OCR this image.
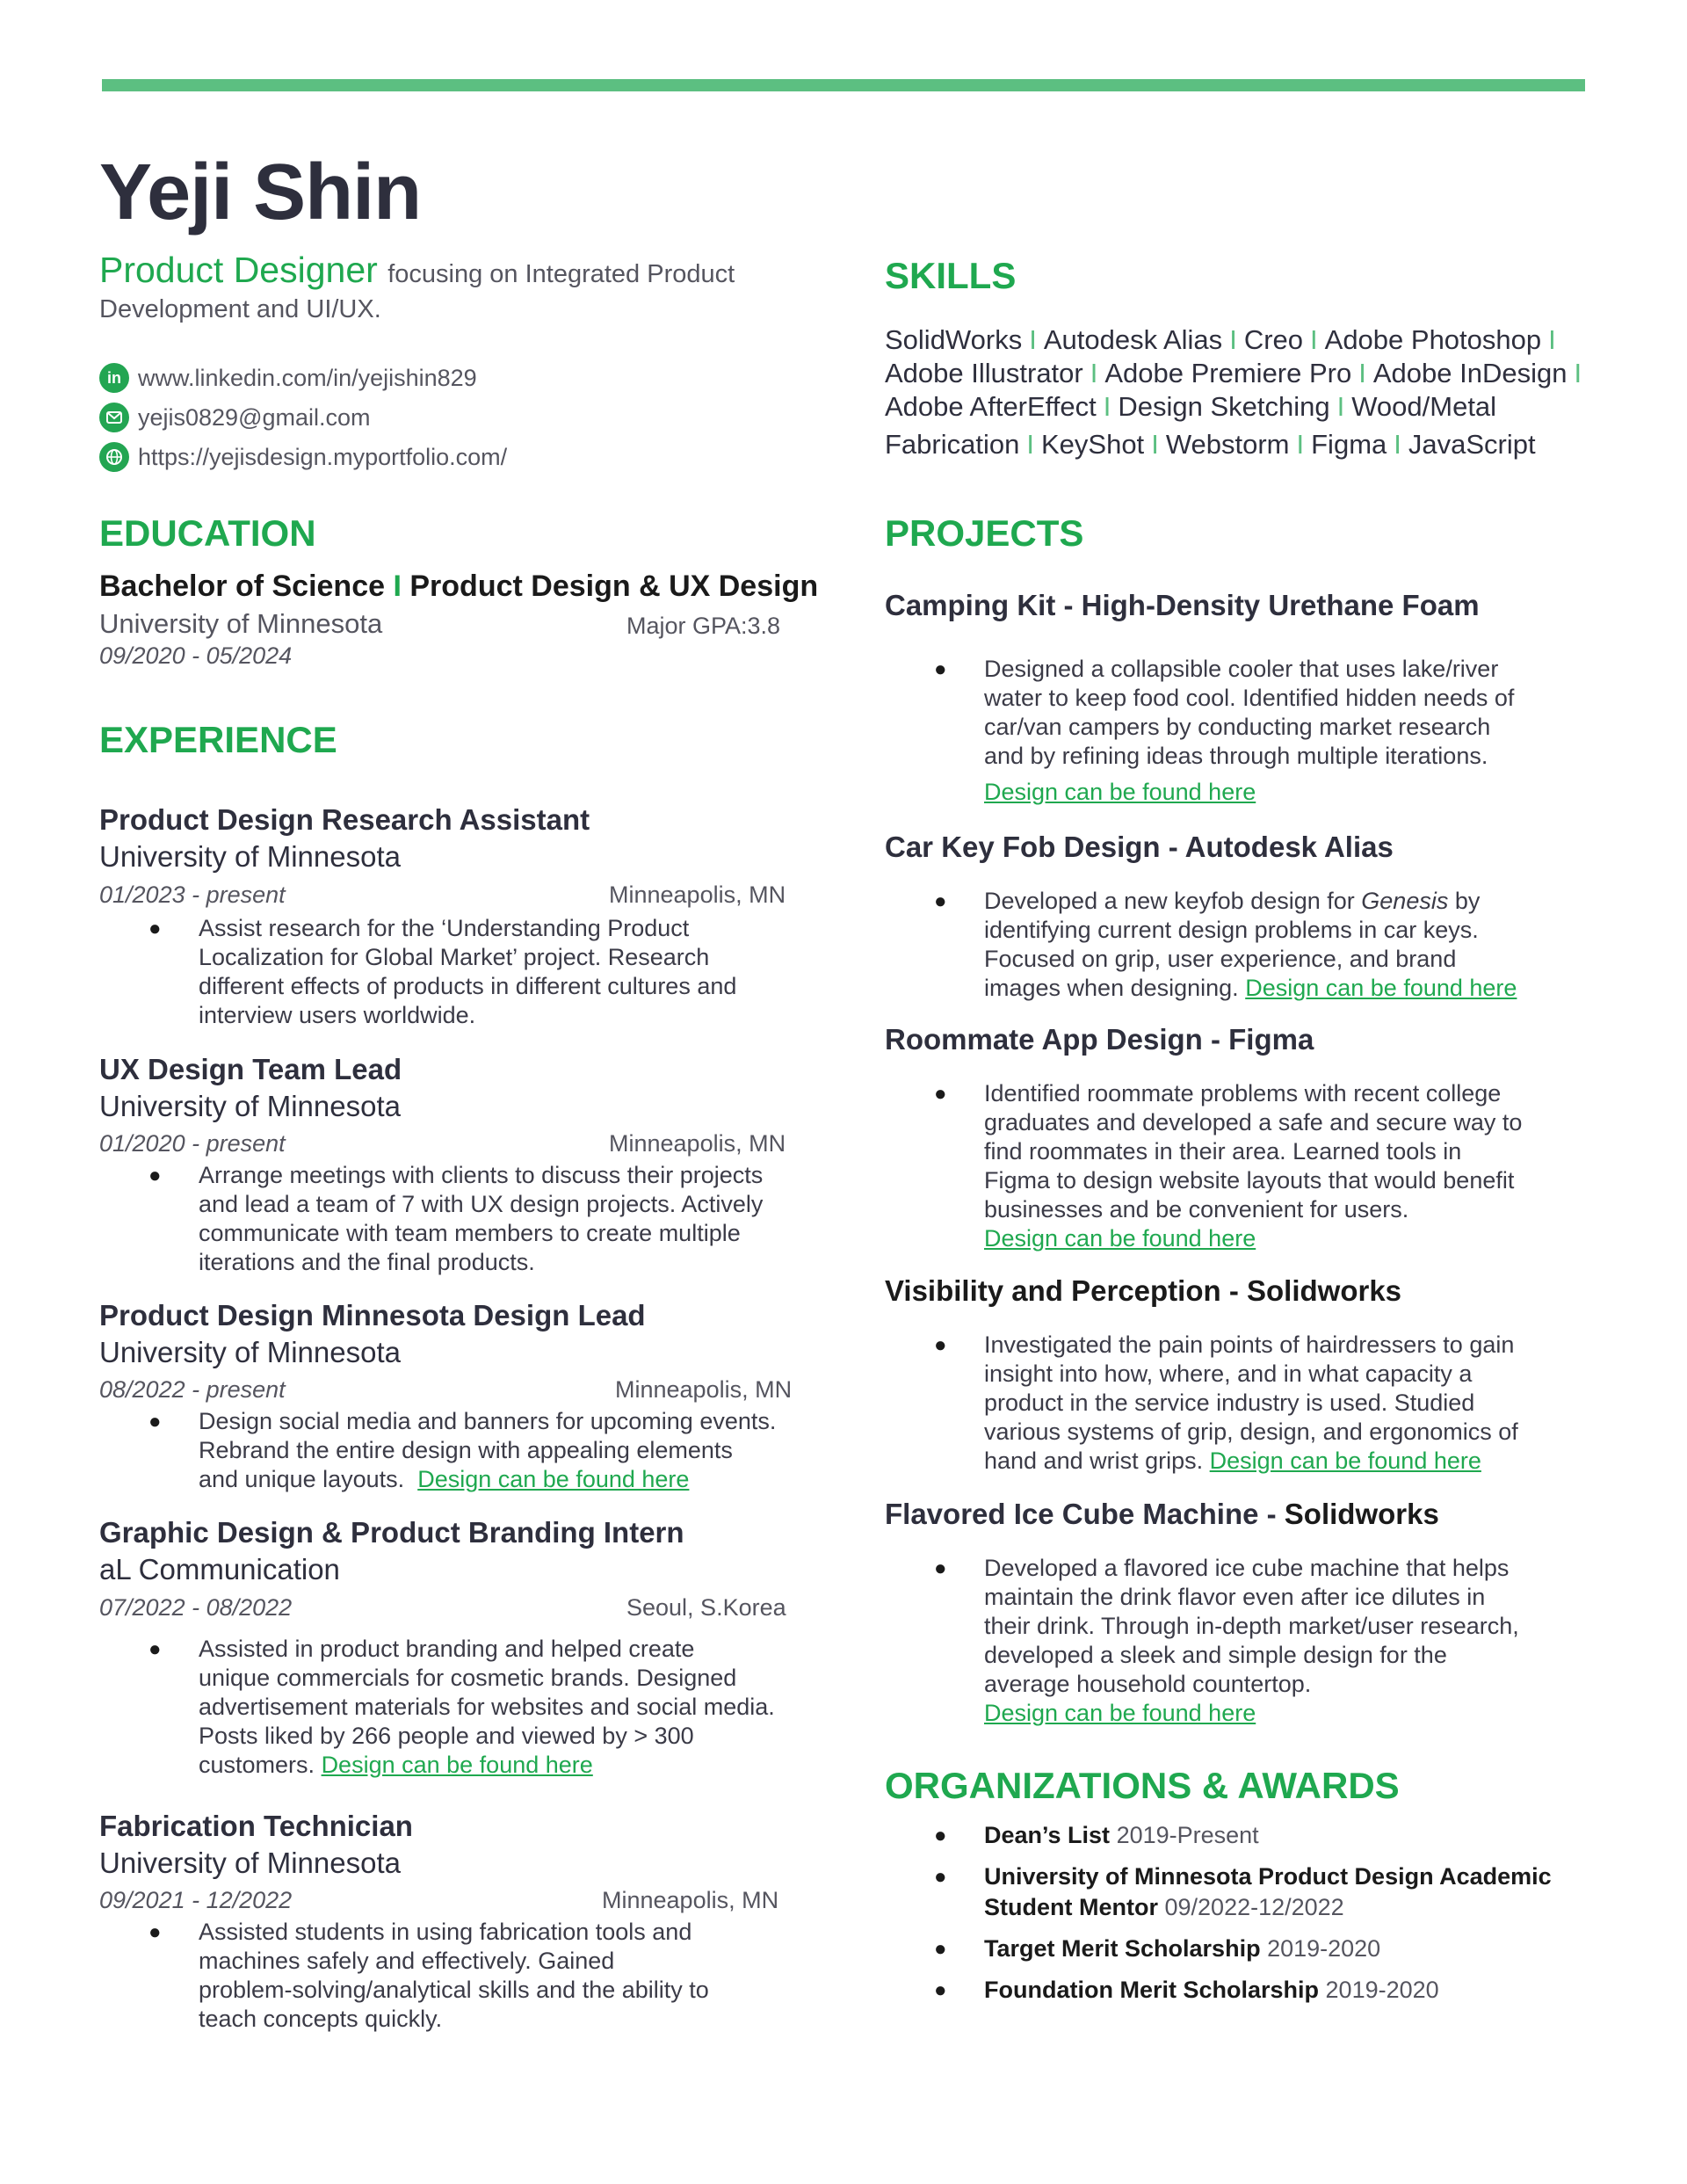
Yeji Shin
Product Designer focusing on Integrated Product
Development and UI/UX.
in www.linkedin.com/in/yejishin829
yejis0829@gmail.com
https://yejisdesign.myportfolio.com/
EDUCATION
Bachelor of Science I Product Design & UX Design
University of Minnesota	Major GPA:3.8
09/2020 - 05/2024
EXPERIENCE
Product Design Research Assistant
University of Minnesota
01/2023 - present	Minneapolis, MN
● Assist research for the ‘Understanding Product
Localization for Global Market’ project. Research
different effects of products in different cultures and
interview users worldwide.
UX Design Team Lead
University of Minnesota
01/2020 - present	Minneapolis, MN
● Arrange meetings with clients to discuss their projects
and lead a team of 7 with UX design projects. Actively
communicate with team members to create multiple
iterations and the final products.
Product Design Minnesota Design Lead
University of Minnesota
08/2022 - present	Minneapolis, MN
● Design social media and banners for upcoming events.
Rebrand the entire design with appealing elements
and unique layouts. Design can be found here
Graphic Design & Product Branding Intern
aL Communication
07/2022 - 08/2022	Seoul, S.Korea
● Assisted in product branding and helped create
unique commercials for cosmetic brands. Designed
advertisement materials for websites and social media.
Posts liked by 266 people and viewed by > 300
customers. Design can be found here
Fabrication Technician
University of Minnesota
09/2021 - 12/2022	Minneapolis, MN
● Assisted students in using fabrication tools and
machines safely and effectively. Gained
problem-solving/analytical skills and the ability to
teach concepts quickly.
SKILLS
SolidWorks I Autodesk Alias I Creo I Adobe Photoshop I
Adobe Illustrator I Adobe Premiere Pro I Adobe InDesign I
Adobe AfterEffect I Design Sketching I Wood/Metal
Fabrication I KeyShot I Webstorm I Figma I JavaScript
PROJECTS
Camping Kit - High-Density Urethane Foam
● Designed a collapsible cooler that uses lake/river
water to keep food cool. Identified hidden needs of
car/van campers by conducting market research
and by refining ideas through multiple iterations.
Design can be found here
Car Key Fob Design - Autodesk Alias
● Developed a new keyfob design for Genesis by
identifying current design problems in car keys.
Focused on grip, user experience, and brand
images when designing. Design can be found here
Roommate App Design - Figma
● Identified roommate problems with recent college
graduates and developed a safe and secure way to
find roommates in their area. Learned tools in
Figma to design website layouts that would benefit
businesses and be convenient for users.
Design can be found here
Visibility and Perception - Solidworks
● Investigated the pain points of hairdressers to gain
insight into how, where, and in what capacity a
product in the service industry is used. Studied
various systems of grip, design, and ergonomics of
hand and wrist grips. Design can be found here
Flavored Ice Cube Machine - Solidworks
● Developed a flavored ice cube machine that helps
maintain the drink flavor even after ice dilutes in
their drink. Through in-depth market/user research,
developed a sleek and simple design for the
average household countertop.
Design can be found here
ORGANIZATIONS & AWARDS
● Dean’s List 2019-Present
● University of Minnesota Product Design Academic
Student Mentor 09/2022-12/2022
● Target Merit Scholarship 2019-2020
● Foundation Merit Scholarship 2019-2020
